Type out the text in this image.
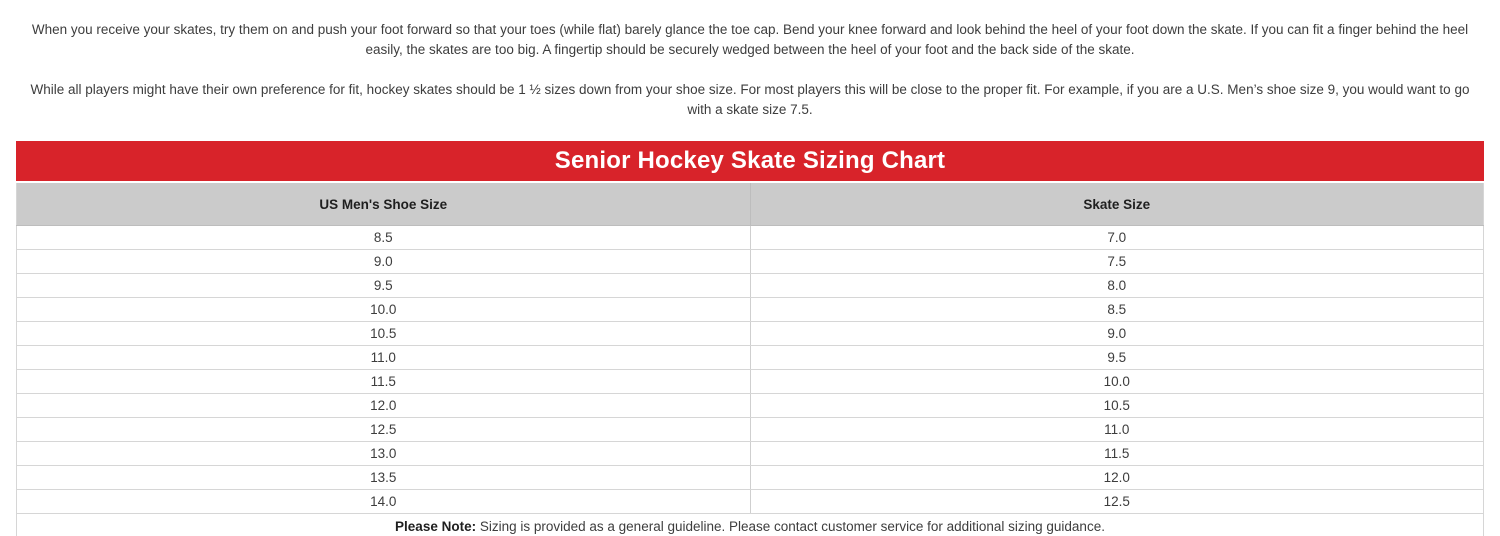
When you receive your skates, try them on and push your foot forward so that your toes (while flat) barely glance the toe cap. Bend your knee forward and look behind the heel of your foot down the skate. If you can fit a finger behind the heel easily, the skates are too big. A fingertip should be securely wedged between the heel of your foot and the back side of the skate.

While all players might have their own preference for fit, hockey skates should be 1 ½ sizes down from your shoe size. For most players this will be close to the proper fit. For example, if you are a U.S. Men’s shoe size 9, you would want to go with a skate size 7.5.

Senior Hockey Skate Sizing Chart
US Men's Shoe Size	Skate Size
8.5	7.0
9.0	7.5
9.5	8.0
10.0	8.5
10.5	9.0
11.0	9.5
11.5	10.0
12.0	10.5
12.5	11.0
13.0	11.5
13.5	12.0
14.0	12.5
Please Note: Sizing is provided as a general guideline. Please contact customer service for additional sizing guidance.	
